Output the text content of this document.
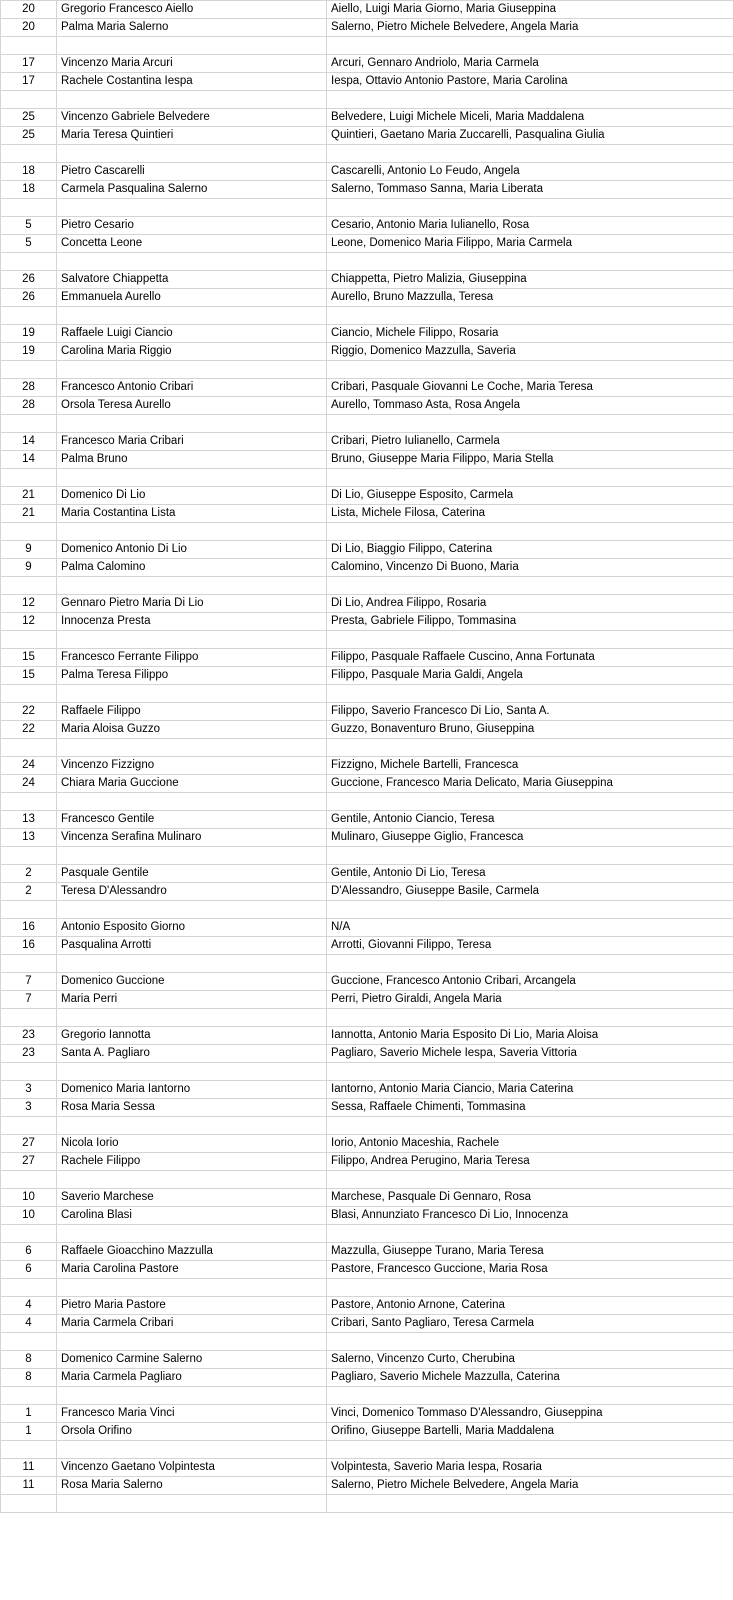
20	Gregorio Francesco Aiello	Aiello, Luigi Maria Giorno, Maria Giuseppina
20	Palma Maria Salerno	Salerno, Pietro Michele Belvedere, Angela Maria

17	Vincenzo Maria Arcuri	Arcuri, Gennaro Andriolo, Maria Carmela
17	Rachele Costantina Iespa	Iespa, Ottavio Antonio Pastore, Maria Carolina

25	Vincenzo Gabriele Belvedere	Belvedere, Luigi Michele Miceli, Maria Maddalena
25	Maria Teresa Quintieri	Quintieri, Gaetano Maria Zuccarelli, Pasqualina Giulia

18	Pietro Cascarelli	Cascarelli, Antonio Lo Feudo, Angela
18	Carmela Pasqualina Salerno	Salerno, Tommaso Sanna, Maria Liberata

5	Pietro Cesario	Cesario, Antonio Maria Iulianello, Rosa
5	Concetta Leone	Leone, Domenico Maria Filippo, Maria Carmela

26	Salvatore Chiappetta	Chiappetta, Pietro Malizia, Giuseppina
26	Emmanuela Aurello	Aurello, Bruno Mazzulla, Teresa

19	Raffaele Luigi Ciancio	Ciancio, Michele Filippo, Rosaria
19	Carolina Maria Riggio	Riggio, Domenico Mazzulla, Saveria

28	Francesco Antonio Cribari	Cribari, Pasquale Giovanni Le Coche, Maria Teresa
28	Orsola Teresa Aurello	Aurello, Tommaso Asta, Rosa Angela

14	Francesco Maria Cribari	Cribari, Pietro Iulianello, Carmela
14	Palma Bruno	Bruno, Giuseppe Maria Filippo, Maria Stella

21	Domenico Di Lio	Di Lio, Giuseppe Esposito, Carmela
21	Maria Costantina Lista	Lista, Michele Filosa, Caterina

9	Domenico Antonio Di Lio	Di Lio, Biaggio Filippo, Caterina
9	Palma Calomino	Calomino, Vincenzo Di Buono, Maria

12	Gennaro Pietro Maria Di Lio	Di Lio, Andrea Filippo, Rosaria
12	Innocenza Presta	Presta, Gabriele Filippo, Tommasina

15	Francesco Ferrante Filippo	Filippo, Pasquale Raffaele Cuscino, Anna Fortunata
15	Palma Teresa Filippo	Filippo, Pasquale Maria Galdi, Angela

22	Raffaele Filippo	Filippo, Saverio Francesco Di Lio, Santa A.
22	Maria Aloisa Guzzo	Guzzo, Bonaventuro Bruno, Giuseppina

24	Vincenzo Fizzigno	Fizzigno, Michele Bartelli, Francesca
24	Chiara Maria Guccione	Guccione, Francesco Maria Delicato, Maria Giuseppina

13	Francesco Gentile	Gentile, Antonio Ciancio, Teresa
13	Vincenza Serafina Mulinaro	Mulinaro, Giuseppe Giglio, Francesca

2	Pasquale Gentile	Gentile, Antonio Di Lio, Teresa
2	Teresa D'Alessandro	D'Alessandro, Giuseppe Basile, Carmela

16	Antonio Esposito Giorno	N/A
16	Pasqualina Arrotti	Arrotti, Giovanni Filippo, Teresa

7	Domenico Guccione	Guccione, Francesco Antonio Cribari, Arcangela
7	Maria Perri	Perri, Pietro Giraldi, Angela Maria

23	Gregorio Iannotta	Iannotta, Antonio Maria Esposito Di Lio, Maria Aloisa
23	Santa A. Pagliaro	Pagliaro, Saverio Michele Iespa, Saveria Vittoria

3	Domenico Maria Iantorno	Iantorno, Antonio Maria Ciancio, Maria Caterina
3	Rosa Maria Sessa	Sessa, Raffaele Chimenti, Tommasina

27	Nicola Iorio	Iorio, Antonio Maceshia, Rachele
27	Rachele Filippo	Filippo, Andrea Perugino, Maria Teresa

10	Saverio Marchese	Marchese, Pasquale Di Gennaro, Rosa
10	Carolina Blasi	Blasi, Annunziato Francesco Di Lio, Innocenza

6	Raffaele Gioacchino Mazzulla	Mazzulla, Giuseppe Turano, Maria Teresa
6	Maria Carolina Pastore	Pastore, Francesco Guccione, Maria Rosa

4	Pietro Maria Pastore	Pastore, Antonio Arnone, Caterina
4	Maria Carmela Cribari	Cribari, Santo Pagliaro, Teresa Carmela

8	Domenico Carmine Salerno	Salerno, Vincenzo Curto, Cherubina
8	Maria Carmela Pagliaro	Pagliaro, Saverio Michele Mazzulla, Caterina

1	Francesco Maria Vinci	Vinci, Domenico Tommaso D'Alessandro, Giuseppina
1	Orsola Orifino	Orifino, Giuseppe Bartelli, Maria Maddalena

11	Vincenzo Gaetano Volpintesta	Volpintesta, Saverio Maria Iespa, Rosaria
11	Rosa Maria Salerno	Salerno, Pietro Michele Belvedere, Angela Maria
